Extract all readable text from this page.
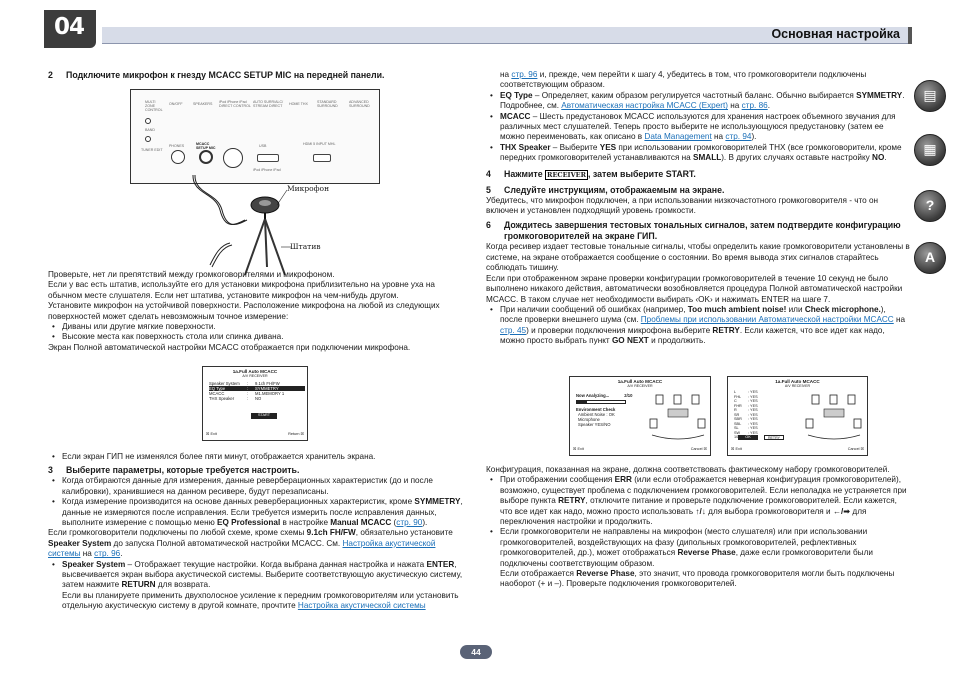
04	Основная настройка
2	Подключите микрофон к гнезду MCACC SETUP MIC на передней панели.
MULTI ZONE CONTROL
ON/OFF	SPEAKERS iPod iPhone iPad DIRECT CONTROL
AUTO SURR/ALC/ STREAM DIRECT	HOME THX	STANDARD SURROUND
ADVANCED SURROUND
BAND
TUNER EDIT
PHONES	MCACC SETUP MIC	USB	HDMI 5 INPUT MHL
iPod iPhone iPad
Микрофон
Штатив

Проверьте, нет ли препятствий между громкоговорителями и микрофоном.

Если у вас есть штатив, используйте его для установки микрофона приблизительно на уровне уха на обычном месте слушателя. Если нет штатива, установите микрофон на чем-нибудь другом.

Установите микрофон на устойчивой поверхности. Расположение микрофона на любой из следующих поверхностей может сделать невозможным точное измерение:

• Диваны или другие мягкие поверхности.
• Высокие места как поверхность стола или спинка дивана.

Экран Полной автоматической настройки MCACC отображается при подключении микрофона.

1a.Full Auto MCACC
A/V RECEIVER
Speaker System	:	9.1ch FH/FW
EQ Type	:	SYMMETRY
MCACC	:	M1.MEMORY 1
THX Speaker	:	NO
START
☒ Exit	Return ☒
• Если экран ГИП не изменялся более пяти минут, отображается хранитель экрана.
3	Выберите параметры, которые требуется настроить.
• Когда отбираются данные для измерения, данные реверберационных характеристик (до и после калибровки), хранившиеся на данном ресивере, будут перезаписаны.
• Когда измерение производится на основе данных реверберационных характеристик, кроме SYMMETRY, данные не измеряются после исправления. Если требуется измерить после исправления данных, выполните измерение с помощью меню EQ Professional в настройке Manual MCACC (стр. 90).

Если громкоговорители подключены по любой схеме, кроме схемы 9.1ch FH/FW, обязательно установите Speaker System до запуска Полной автоматической настройки MCACC. См. Настройка акустической системы на стр. 96.

• Speaker System – Отображает текущие настройки. Когда выбрана данная настройка и нажата ENTER, высвечивается экран выбора акустической системы. Выберите соответствующую акустическую систему, затем нажмите RETURN для возврата.
Если вы планируете применить двухполосное усиление к передним громкоговорителям или установить отдельную акустическую систему в другой комнате, прочтите Настройка акустической системы
на стр. 96 и, прежде, чем перейти к шагу 4, убедитесь в том, что громкоговорители подключены соответствующим образом.
• EQ Type – Определяет, каким образом регулируется частотный баланс. Обычно выбирается SYMMETRY. Подробнее, см. Автоматическая настройка MCACC (Expert) на стр. 86.
• MCACC – Шесть предустановок MCACC используются для хранения настроек объемного звучания для различных мест слушателей. Теперь просто выберите не использующуюся предустановку (затем ее можно переименовать, как описано в Data Management на стр. 94).
• THX Speaker – Выберите YES при использовании громкоговорителей THX (все громкоговорители, кроме передних громкоговорителей устанавливаются на SMALL). В других случаях оставьте настройку NO.
4	Нажмите RECEIVER , затем выберите START.
5	Следуйте инструкциям, отображаемым на экране.

Убедитесь, что микрофон подключен, а при использовании низкочастотного громкоговорителя - что он включен и установлен подходящий уровень громкости.

6	Дождитесь завершения тестовых тональных сигналов, затем подтвердите конфигурацию громкоговорителей на экране ГИП.

Когда ресивер издает тестовые тональные сигналы, чтобы определить какие громкоговорители установлены в системе, на экране отображается сообщение о состоянии. Во время вывода этих сигналов старайтесь соблюдать тишину.

Если при отображенном экране проверки конфигурации громкоговорителей в течение 10 секунд не было выполнено никакого действия, автоматически возобновляется процедура Полной автоматической настройки MCACC. В таком случае нет необходимости выбирать ‹OK› и нажимать ENTER на шаге 7.

• При наличии сообщений об ошибках (например, Too much ambient noise! или Check microphone.), после проверки внешнего шума (см. Проблемы при использовании Автоматической настройки MCACC на стр. 45) и проверки подключения микрофона выберите RETRY. Если кажется, что все идет как надо, можно просто выбрать пункт GO NEXT и продолжить.
1a.Full Auto MCACC
A/V RECEIVER
Now Analyzing...	2/10
Environment Check
Ambient Noise : OK
Microphone
Speaker YES/NO
☒ Exit	Cancel ☒
1a.Full Auto MCACC
A/V RECEIVER
L	: YES
FHL : YES
C	: YES
FHR : YES
R	: YES
SR : YES
SBR : YES
SBL : YES
SL : YES
SW : YES
10	OK	RETRY
☒ Exit	Cancel ☒

Конфигурация, показанная на экране, должна соответствовать фактическому набору громкоговорителей.

• При отображении сообщения ERR (или если отображается неверная конфигурация громкоговорителей), возможно, существует проблема с подключением громкоговорителей. Если неполадка не устраняется при выборе пункта RETRY, отключите питание и проверьте подключение громкоговорителей. Если кажется, что все идет как надо, можно просто использовать ↑/↓ для выбора громкоговорителя и ←/➡ для переключения настройки и продолжить.
• Если громкоговорители не направлены на микрофон (место слушателя) или при использовании громкоговорителей, воздействующих на фазу (дипольных громкоговорителей, рефлективных громкоговорителей, др.), может отображаться Reverse Phase, даже если громкоговорители были подключены соответствующим образом.
Если отображается Reverse Phase, это значит, что провода громкоговорителя могли быть подключены наоборот (+ и –). Проверьте подключения громкоговорителей.
▤
▦
?
A
44
